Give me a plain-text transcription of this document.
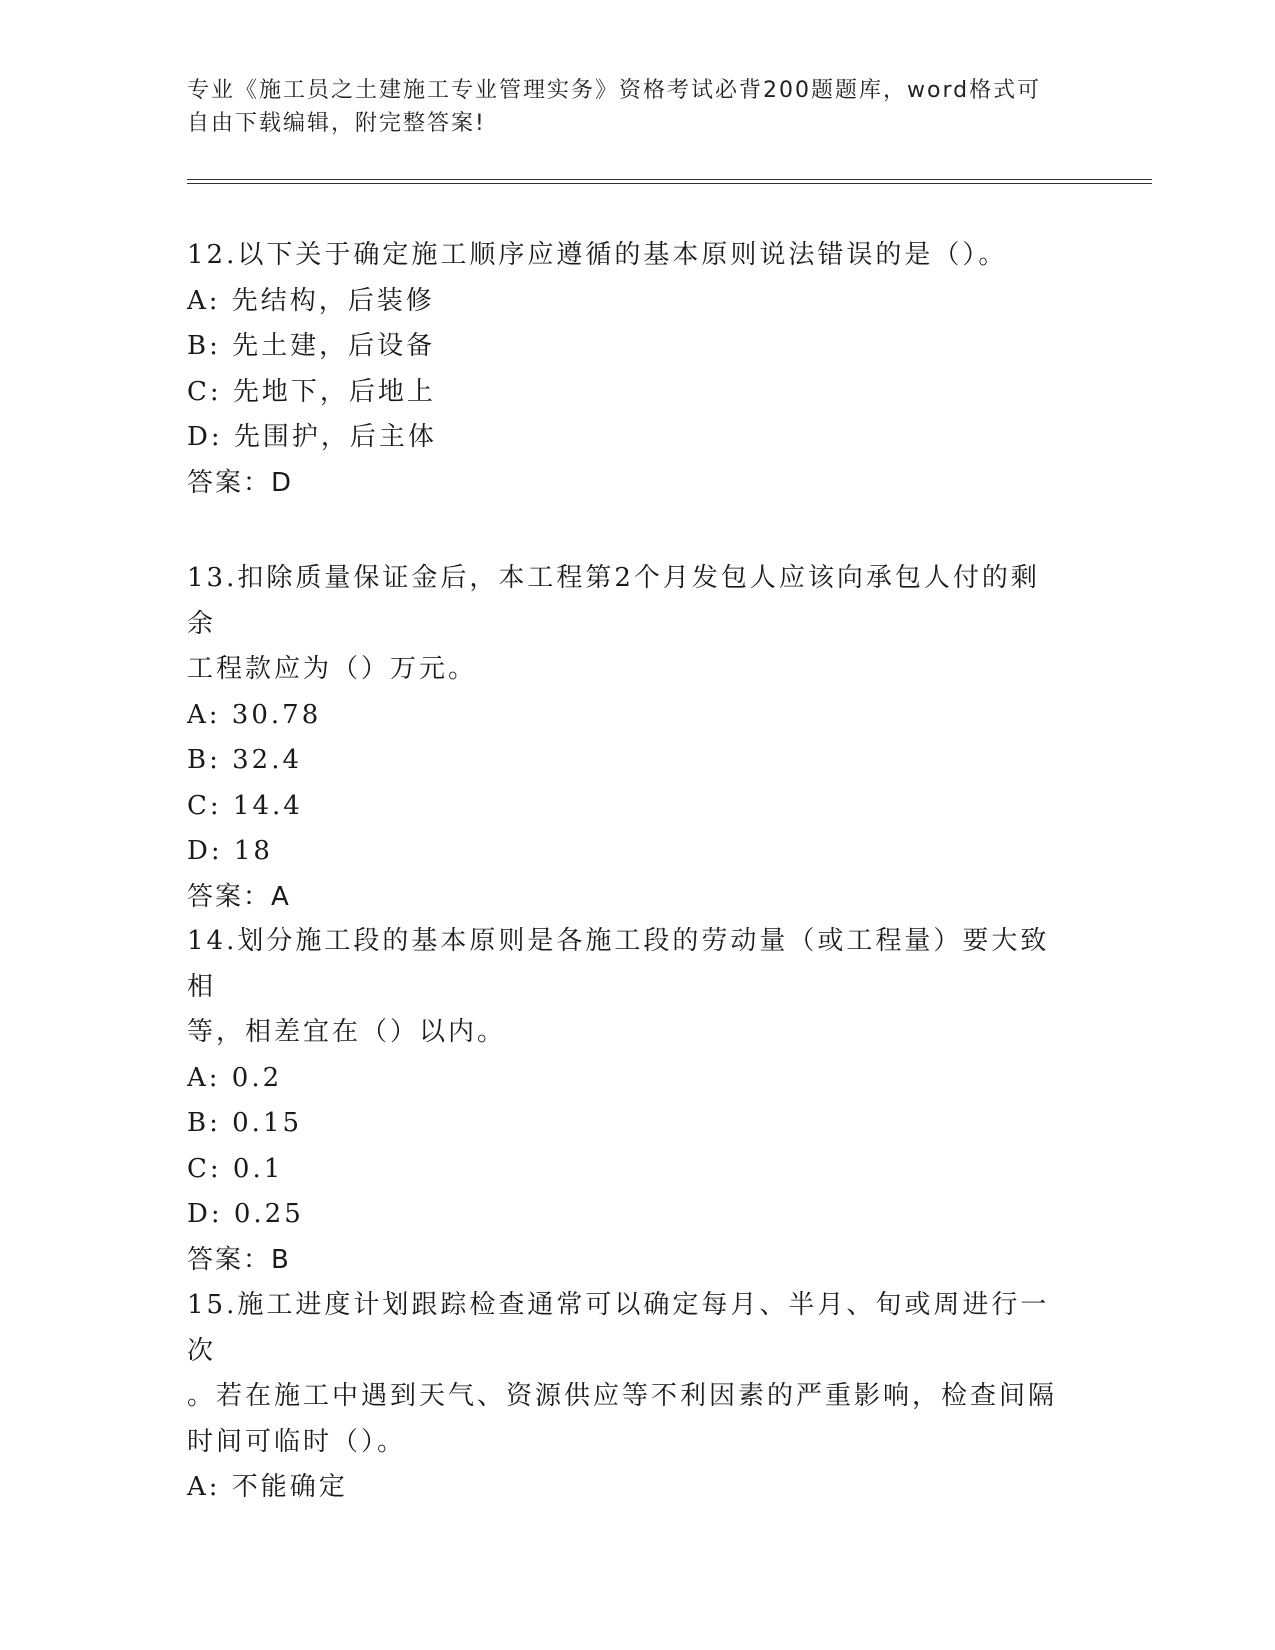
专业《施工员之土建施工专业管理实务》资格考试必背200题题库，word格式可
自由下载编辑，附完整答案!

12.以下关于确定施工顺序应遵循的基本原则说法错误的是（）。

A: 先结构，后装修

B: 先土建，后设备

C: 先地下，后地上

D: 先围护，后主体

答案：D

13.扣除质量保证金后，本工程第2个月发包人应该向承包人付的剩余

工程款应为（）万元。

A: 30.78

B: 32.4

C: 14.4

D: 18

答案：A

14.划分施工段的基本原则是各施工段的劳动量（或工程量）要大致相

等，相差宜在（）以内。

A: 0.2

B: 0.15

C: 0.1

D: 0.25

答案：B

15.施工进度计划跟踪检查通常可以确定每月、半月、旬或周进行一次

。若在施工中遇到天气、资源供应等不利因素的严重影响，检查间隔

时间可临时（）。

A: 不能确定
